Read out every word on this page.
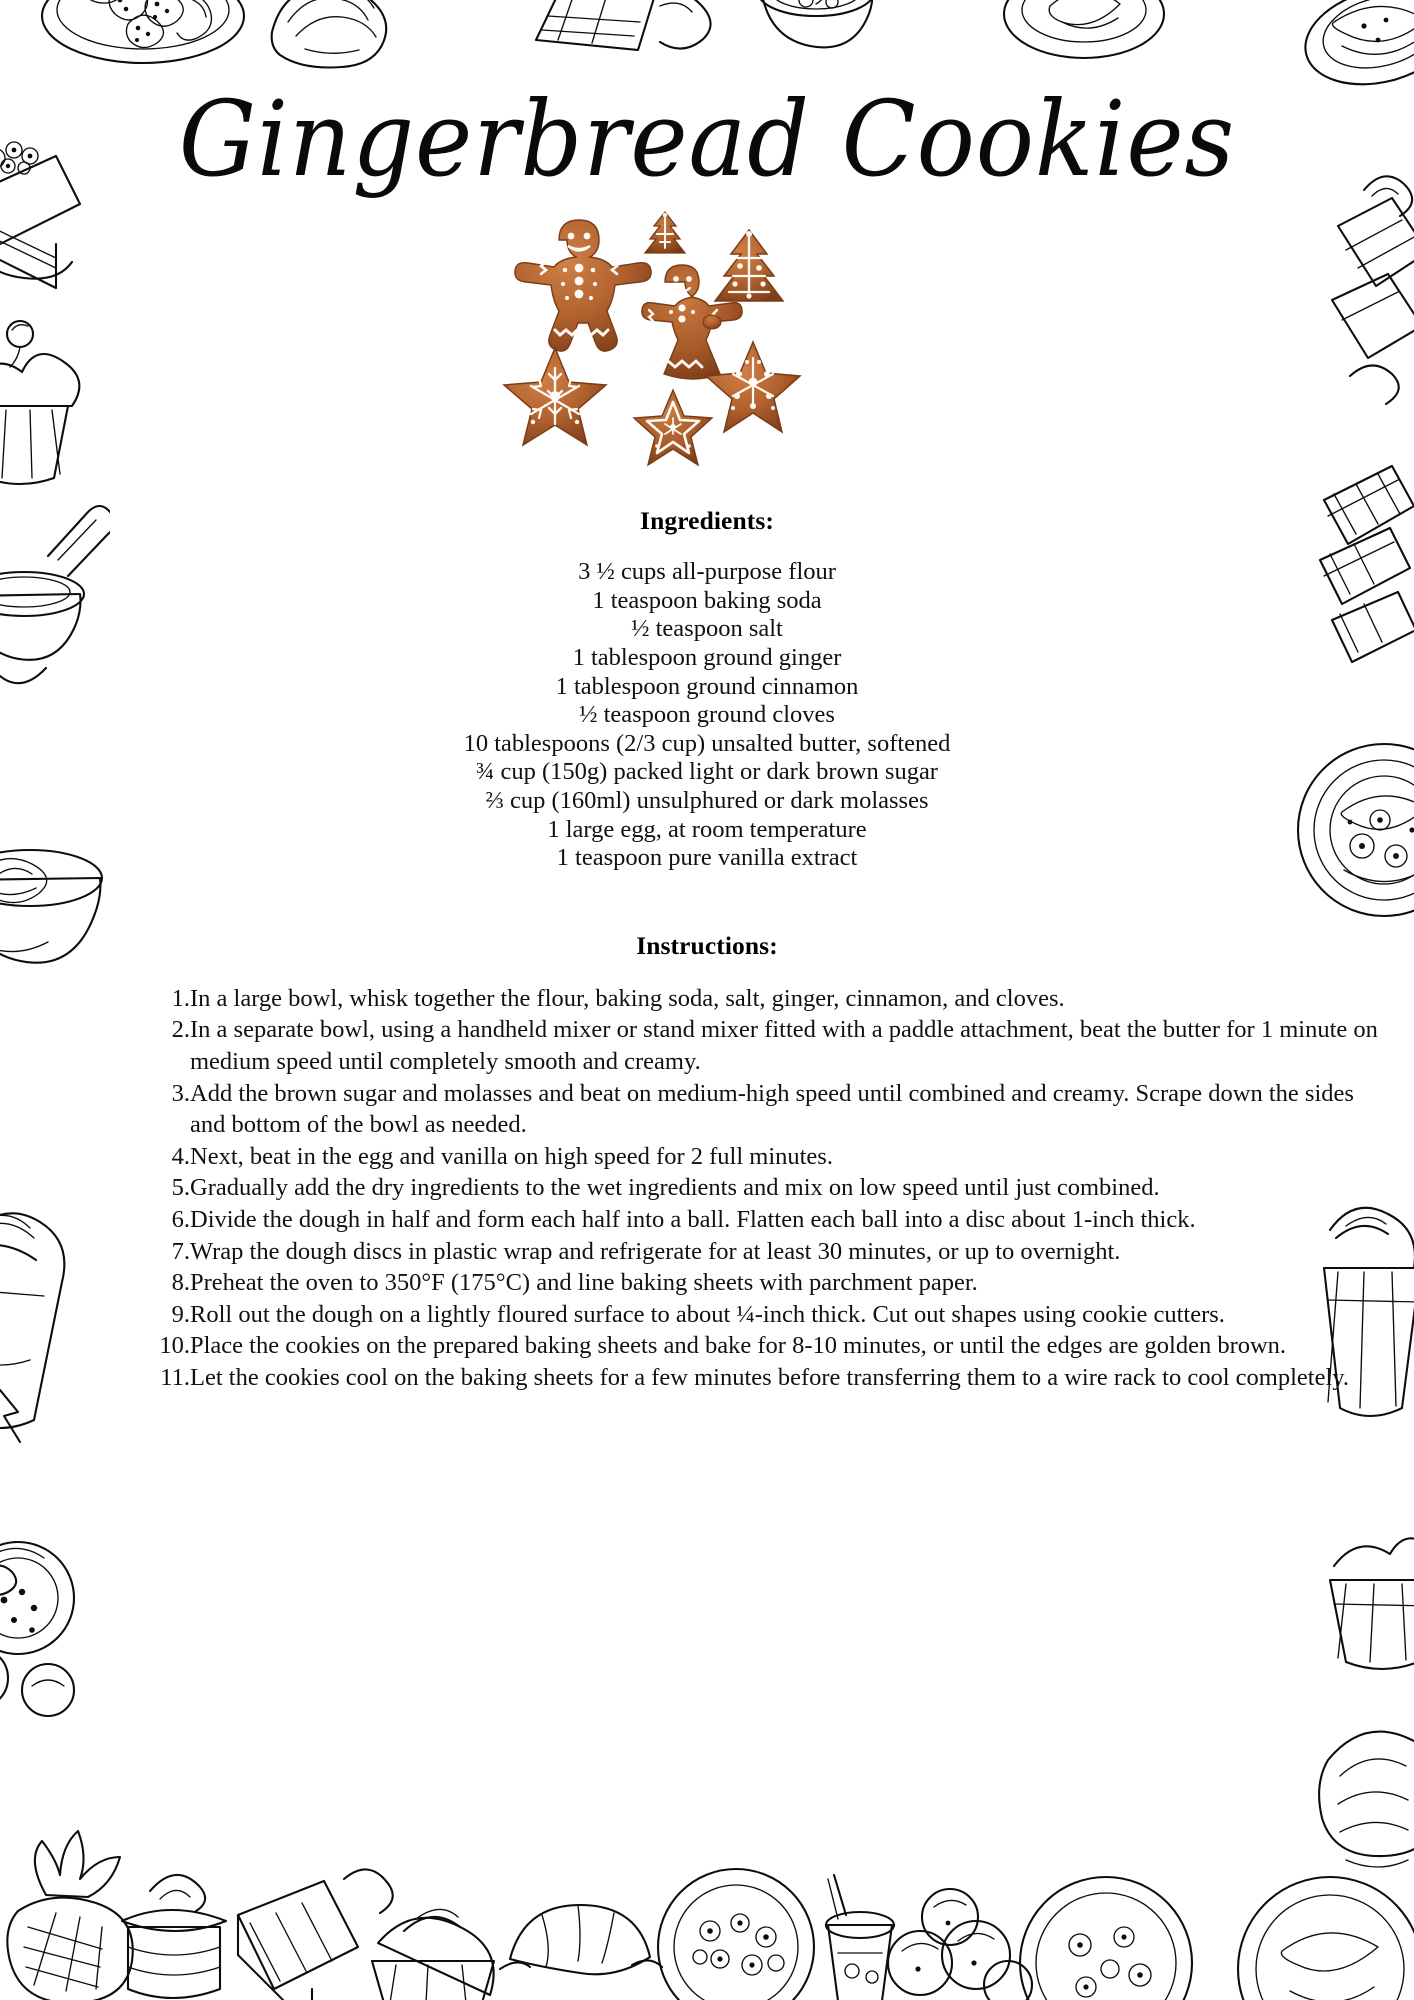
Gingerbread Cookies
Ingredients:
3 ½ cups all-purpose flour
1 teaspoon baking soda
½ teaspoon salt
1 tablespoon ground ginger
1 tablespoon ground cinnamon
½ teaspoon ground cloves
10 tablespoons (2/3 cup) unsalted butter, softened
¾ cup (150g) packed light or dark brown sugar
⅔ cup (160ml) unsulphured or dark molasses
1 large egg, at room temperature
1 teaspoon pure vanilla extract
Instructions:
In a large bowl, whisk together the flour, baking soda, salt, ginger, cinnamon, and cloves.
In a separate bowl, using a handheld mixer or stand mixer fitted with a paddle attachment, beat the butter for 1 minute on medium speed until completely smooth and creamy.
Add the brown sugar and molasses and beat on medium-high speed until combined and creamy. Scrape down the sides and bottom of the bowl as needed.
Next, beat in the egg and vanilla on high speed for 2 full minutes.
Gradually add the dry ingredients to the wet ingredients and mix on low speed until just combined.
Divide the dough in half and form each half into a ball. Flatten each ball into a disc about 1-inch thick.
Wrap the dough discs in plastic wrap and refrigerate for at least 30 minutes, or up to overnight.
Preheat the oven to 350°F (175°C) and line baking sheets with parchment paper.
Roll out the dough on a lightly floured surface to about ¼-inch thick. Cut out shapes using cookie cutters.
Place the cookies on the prepared baking sheets and bake for 8-10 minutes, or until the edges are golden brown.
Let the cookies cool on the baking sheets for a few minutes before transferring them to a wire rack to cool completely.
